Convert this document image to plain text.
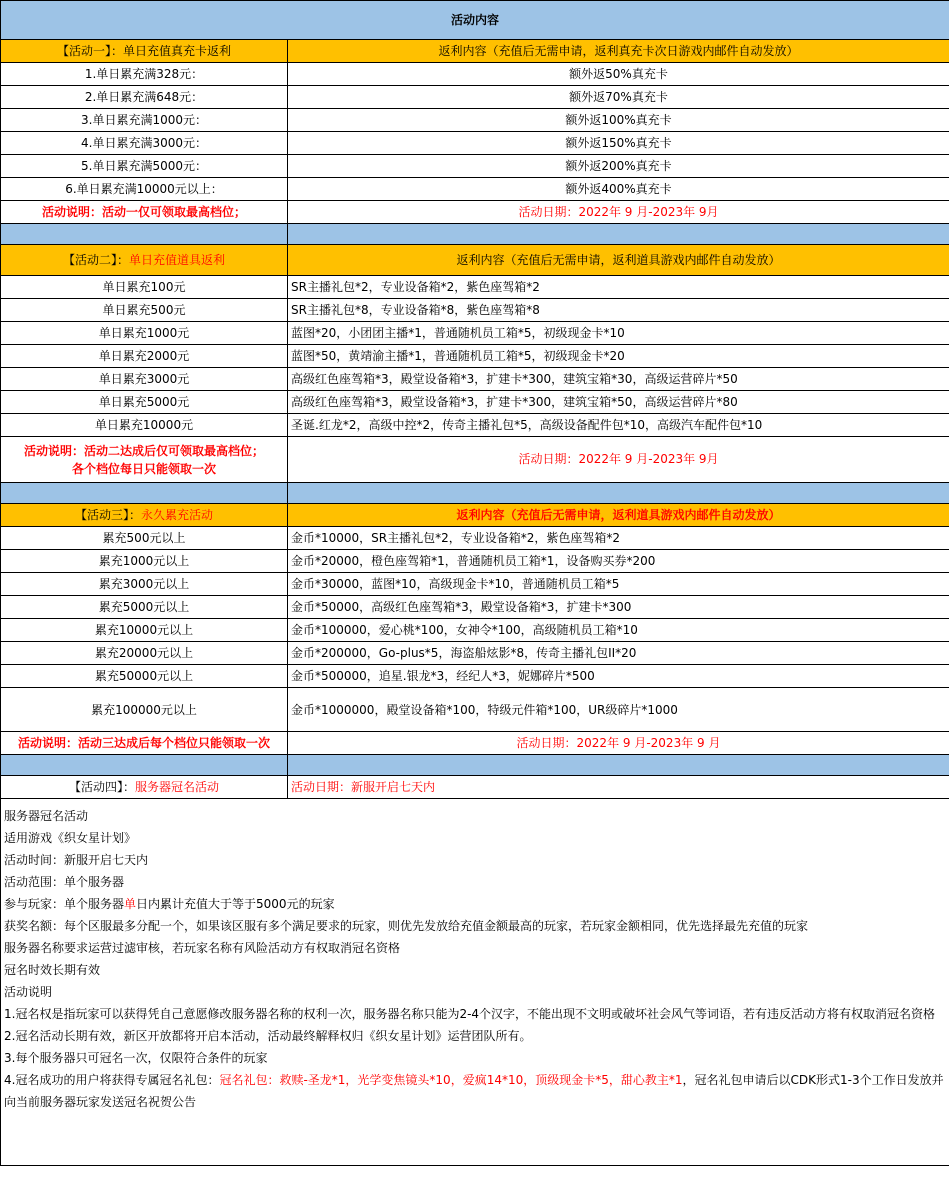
活动内容	
【活动一】：单日充值真充卡返利	返利内容（充值后无需申请，返利真充卡次日游戏内邮件自动发放）
1.单日累充满328元：	额外返50%真充卡
2.单日累充满648元：	额外返70%真充卡
3.单日累充满1000元：	额外返100%真充卡
4.单日累充满3000元：	额外返150%真充卡
5.单日累充满5000元：	额外返200%真充卡
6.单日累充满10000元以上：	额外返400%真充卡
活动说明：活动一仅可领取最高档位；	活动日期：2022年 9 月-2023年 9月

【活动二】：单日充值道具返利	返利内容（充值后无需申请，返利道具游戏内邮件自动发放）
单日累充100元	SR主播礼包*2，专业设备箱*2，紫色座驾箱*2
单日累充500元	SR主播礼包*8，专业设备箱*8，紫色座驾箱*8
单日累充1000元	蓝图*20，小团团主播*1，普通随机员工箱*5，初级现金卡*10
单日累充2000元	蓝图*50，黄靖渝主播*1，普通随机员工箱*5，初级现金卡*20
单日累充3000元	高级红色座驾箱*3，殿堂设备箱*3，扩建卡*300，建筑宝箱*30，高级运营碎片*50
单日累充5000元	高级红色座驾箱*3，殿堂设备箱*3，扩建卡*300，建筑宝箱*50，高级运营碎片*80
单日累充10000元	圣诞.红龙*2，高级中控*2，传奇主播礼包*5，高级设备配件包*10，高级汽车配件包*10
活动说明：活动二达成后仅可领取最高档位；
各个档位每日只能领取一次	活动日期：2022年 9 月-2023年 9月

【活动三】：永久累充活动	返利内容（充值后无需申请，返利道具游戏内邮件自动发放）
累充500元以上	金币*10000，SR主播礼包*2，专业设备箱*2，紫色座驾箱*2
累充1000元以上	金币*20000，橙色座驾箱*1，普通随机员工箱*1，设备购买券*200
累充3000元以上	金币*30000，蓝图*10，高级现金卡*10，普通随机员工箱*5
累充5000元以上	金币*50000，高级红色座驾箱*3，殿堂设备箱*3，扩建卡*300
累充10000元以上	金币*100000，爱心桃*100，女神令*100，高级随机员工箱*10
累充20000元以上	金币*200000，Go-plus*5，海盗船炫影*8，传奇主播礼包II*20
累充50000元以上	金币*500000，追星.银龙*3，经纪人*3，妮娜碎片*500
累充100000元以上	金币*1000000，殿堂设备箱*100，特级元件箱*100，UR级碎片*1000
活动说明：活动三达成后每个档位只能领取一次	活动日期：2022年 9 月-2023年 9 月

【活动四】：服务器冠名活动	活动日期：新服开启七天内

服务器冠名活动

适用游戏《织女星计划》

活动时间：新服开启七天内

活动范围：单个服务器

参与玩家：单个服务器单日内累计充值大于等于5000元的玩家

获奖名额：每个区服最多分配一个，如果该区服有多个满足要求的玩家，则优先发放给充值金额最高的玩家，若玩家金额相同，优先选择最先充值的玩家

服务器名称要求运营过滤审核，若玩家名称有风险活动方有权取消冠名资格

冠名时效长期有效

活动说明

1.冠名权是指玩家可以获得凭自己意愿修改服务器名称的权利一次，服务器名称只能为2-4个汉字，不能出现不文明或破坏社会风气等词语，若有违反活动方将有权取消冠名资格

2.冠名活动长期有效，新区开放都将开启本活动，活动最终解释权归《织女星计划》运营团队所有。

3.每个服务器只可冠名一次，仅限符合条件的玩家

4.冠名成功的用户将获得专属冠名礼包：冠名礼包：救赎-圣龙*1，光学变焦镜头*10，爱疯14*10，顶级现金卡*5，甜心教主*1，冠名礼包申请后以CDK形式1-3个工作日发放并向当前服务器玩家发送冠名祝贺公告
